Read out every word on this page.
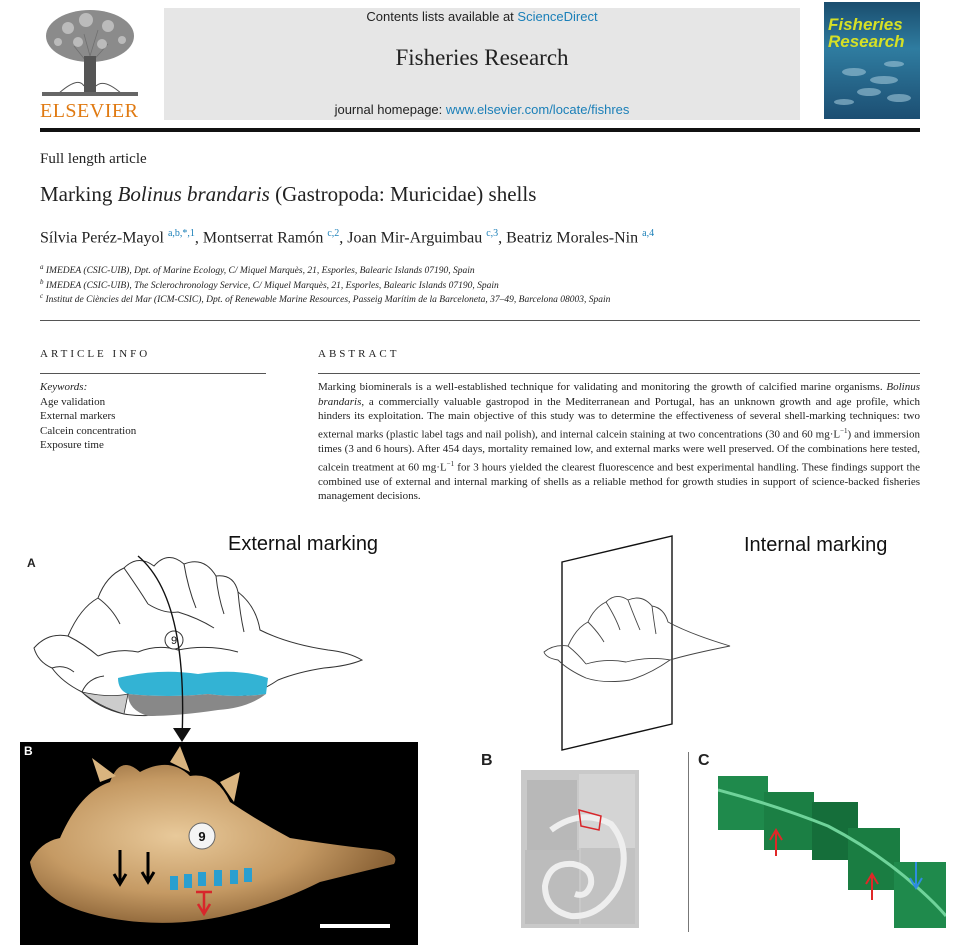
ELSEVIER
Contents lists available at ScienceDirect
Fisheries Research
journal homepage: www.elsevier.com/locate/fishres
Fisheries Research
Full length article
Marking Bolinus brandaris (Gastropoda: Muricidae) shells
Sílvia Peréz-Mayol $^{a,b,*,1}$, Montserrat Ramón $^{c,2}$, Joan Mir-Arguimbau $^{c,3}$, Beatriz Morales-Nin $^{a,4}$
$^a$ IMEDEA (CSIC-UIB), Dpt. of Marine Ecology, C/ Miquel Marquès, 21, Esporles, Balearic Islands 07190, Spain
$^b$ IMEDEA (CSIC-UIB), The Sclerochronology Service, C/ Miquel Marquès, 21, Esporles, Balearic Islands 07190, Spain
$^c$ Institut de Ciències del Mar (ICM-CSIC), Dpt. of Renewable Marine Resources, Passeig Marítim de la Barceloneta, 37–49, Barcelona 08003, Spain
ARTICLE INFO
Keywords:
Age validation
External markers
Calcein concentration
Exposure time
ABSTRACT
Marking biominerals is a well-established technique for validating and monitoring the growth of calcified marine organisms. Bolinus brandaris, a commercially valuable gastropod in the Mediterranean and Portugal, has an unknown growth and age profile, which hinders its exploitation. The main objective of this study was to determine the effectiveness of several shell-marking techniques: two external marks (plastic label tags and nail polish), and internal calcein staining at two concentrations (30 and 60 $mg\cdot L^{-1}$) and immersion times (3 and 6 hours). After 454 days, mortality remained low, and external marks were well preserved. Of the combinations here tested, calcein treatment at 60 $mg\cdot L^{-1}$ for 3 hours yielded the clearest fluorescence and best experimental handling. These findings support the combined use of external and internal marking of shells as a reliable method for growth studies in support of science-backed fisheries management decisions.
External marking	Internal marking
A
9
9
B
B	C
